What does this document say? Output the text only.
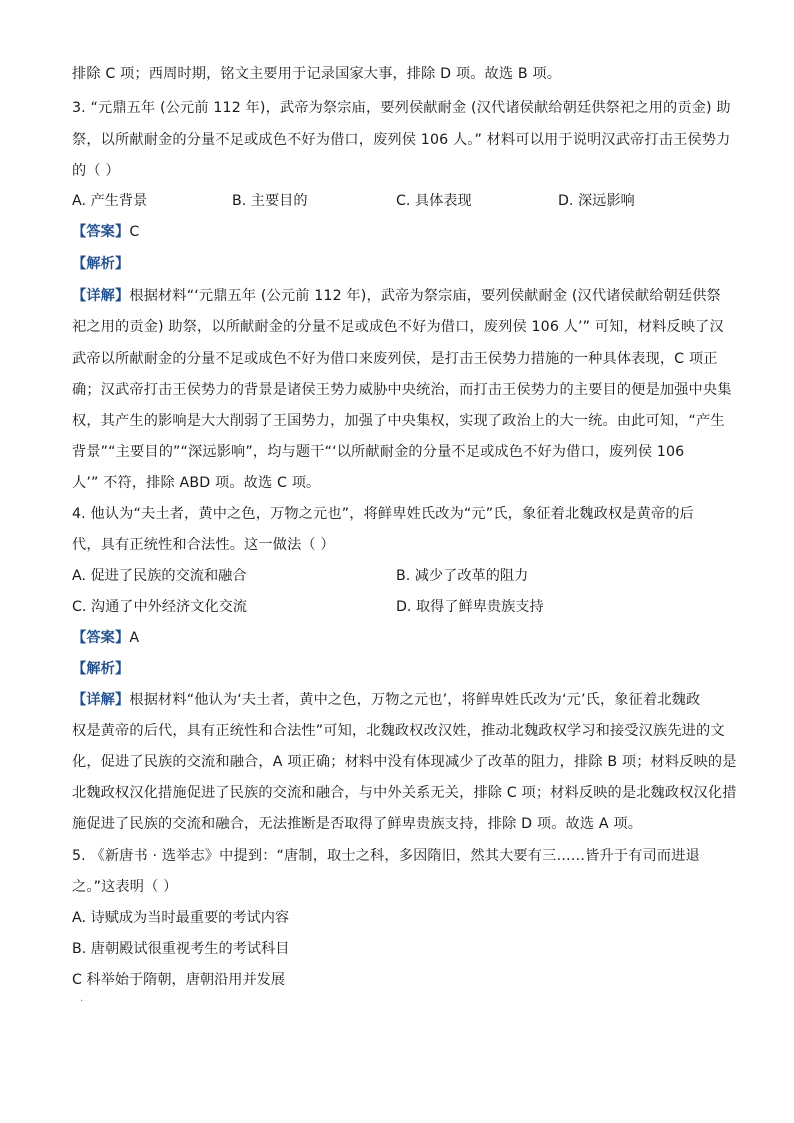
排除 C 项；西周时期，铭文主要用于记录国家大事，排除 D 项。故选 B 项。
3. “元鼎五年 (公元前 112 年)，武帝为祭宗庙，要列侯献耐金 (汉代诸侯献给朝廷供祭祀之用的贡金) 助
祭，以所献耐金的分量不足或成色不好为借口，废列侯 106 人。” 材料可以用于说明汉武帝打击王侯势力
的（ ）
A. 产生背景	B. 主要目的	C. 具体表现	D. 深远影响
【答案】C
【解析】
【详解】根据材料“‘元鼎五年 (公元前 112 年)，武帝为祭宗庙，要列侯献耐金 (汉代诸侯献给朝廷供祭
祀之用的贡金) 助祭，以所献耐金的分量不足或成色不好为借口，废列侯 106 人’” 可知，材料反映了汉
武帝以所献耐金的分量不足或成色不好为借口来废列侯，是打击王侯势力措施的一种具体表现，C 项正
确；汉武帝打击王侯势力的背景是诸侯王势力威胁中央统治，而打击王侯势力的主要目的便是加强中央集
权，其产生的影响是大大削弱了王国势力，加强了中央集权，实现了政治上的大一统。由此可知，“产生
背景”“主要目的”“深远影响”，均与题干“‘以所献耐金的分量不足或成色不好为借口，废列侯 106
人’” 不符，排除 ABD 项。故选 C 项。
4. 他认为“夫土者，黄中之色，万物之元也”，将鲜卑姓氏改为“元”氏，象征着北魏政权是黄帝的后
代，具有正统性和合法性。这一做法（ ）
A. 促进了民族的交流和融合	B. 减少了改革的阻力
C. 沟通了中外经济文化交流	D. 取得了鲜卑贵族支持
【答案】A
【解析】
【详解】根据材料“他认为‘夫土者，黄中之色，万物之元也’，将鲜卑姓氏改为‘元’氏，象征着北魏政
权是黄帝的后代，具有正统性和合法性”可知，北魏政权改汉姓，推动北魏政权学习和接受汉族先进的文
化，促进了民族的交流和融合，A 项正确；材料中没有体现减少了改革的阻力，排除 B 项；材料反映的是
北魏政权汉化措施促进了民族的交流和融合，与中外关系无关，排除 C 项；材料反映的是北魏政权汉化措
施促进了民族的交流和融合，无法推断是否取得了鲜卑贵族支持，排除 D 项。故选 A 项。
5. 《新唐书 · 选举志》中提到：“唐制，取士之科，多因隋旧，然其大要有三……皆升于有司而进退
之。”这表明（ ）
A. 诗赋成为当时最重要的考试内容
B. 唐朝殿试很重视考生的考试科目
C 科举始于隋朝，唐朝沿用并发展
·
